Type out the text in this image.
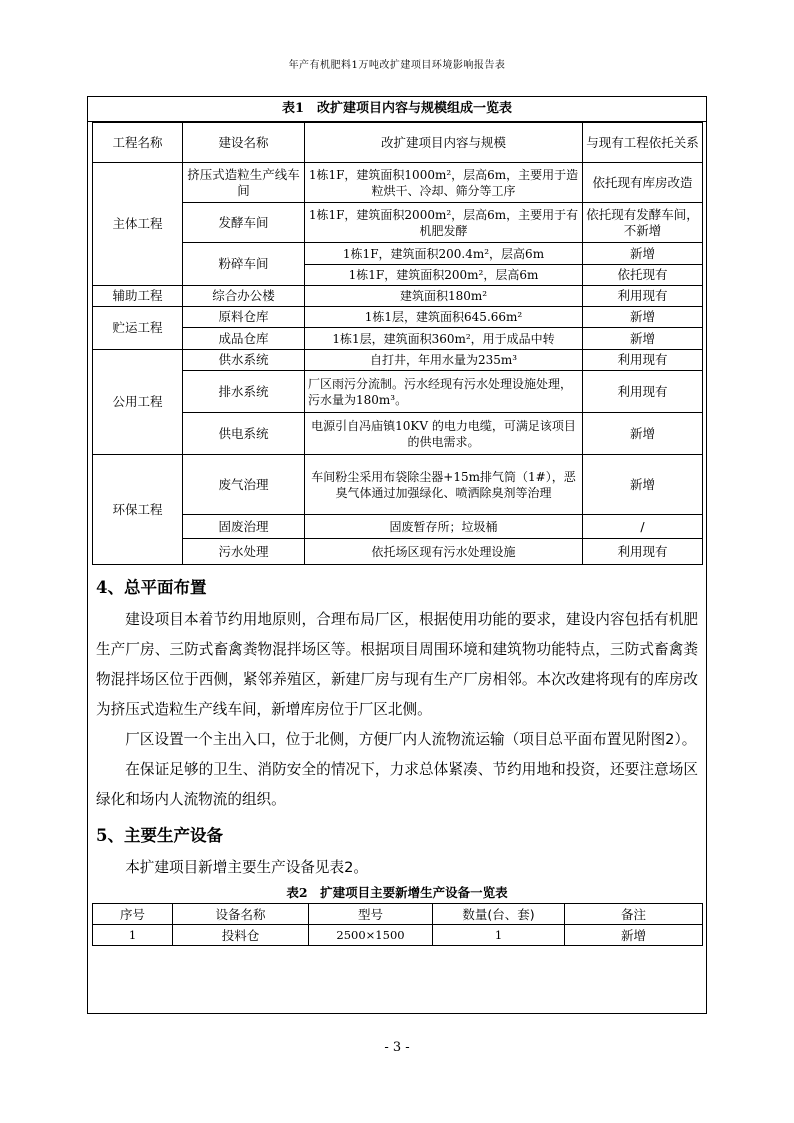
年产有机肥料1万吨改扩建项目环境影响报告表
表1　改扩建项目内容与规模组成一览表
工程名称	建设名称	改扩建项目内容与规模	与现有工程依托关系
主体工程	挤压式造粒生产线车间	1栋1F，建筑面积1000m²，层高6m，主要用于造粒烘干、冷却、筛分等工序	依托现有库房改造
	发酵车间	1栋1F，建筑面积2000m²，层高6m，主要用于有机肥发酵	依托现有发酵车间，不新增
	粉碎车间	1栋1F，建筑面积200.4m²，层高6m	新增
		1栋1F，建筑面积200m²，层高6m	依托现有
辅助工程	综合办公楼	建筑面积180m²	利用现有
贮运工程	原料仓库	1栋1层，建筑面积645.66m²	新增
	成品仓库	1栋1层，建筑面积360m²，用于成品中转	新增
公用工程	供水系统	自打井，年用水量为235m³	利用现有
	排水系统	厂区雨污分流制。污水经现有污水处理设施处理，污水量为180m³。	利用现有
	供电系统	电源引自冯庙镇10KV 的电力电缆，可满足该项目的供电需求。	新增
环保工程	废气治理	车间粉尘采用布袋除尘器+15m排气筒（1#），恶臭气体通过加强绿化、喷洒除臭剂等治理	新增
	固废治理	固废暂存所；垃圾桶	/
	污水处理	依托场区现有污水处理设施	利用现有
4、总平面布置

建设项目本着节约用地原则，合理布局厂区，根据使用功能的要求，建设内容包括有机肥生产厂房、三防式畜禽粪物混拌场区等。根据项目周围环境和建筑物功能特点，三防式畜禽粪物混拌场区位于西侧，紧邻养殖区，新建厂房与现有生产厂房相邻。本次改建将现有的库房改为挤压式造粒生产线车间，新增库房位于厂区北侧。

厂区设置一个主出入口，位于北侧，方便厂内人流物流运输（项目总平面布置见附图2）。

在保证足够的卫生、消防安全的情况下，力求总体紧凑、节约用地和投资，还要注意场区绿化和场内人流物流的组织。

5、主要生产设备

本扩建项目新增主要生产设备见表2。

表2　扩建项目主要新增生产设备一览表
序号	设备名称	型号	数量(台、套)	备注
1	投料仓	2500×1500	1	新增
- 3 -
